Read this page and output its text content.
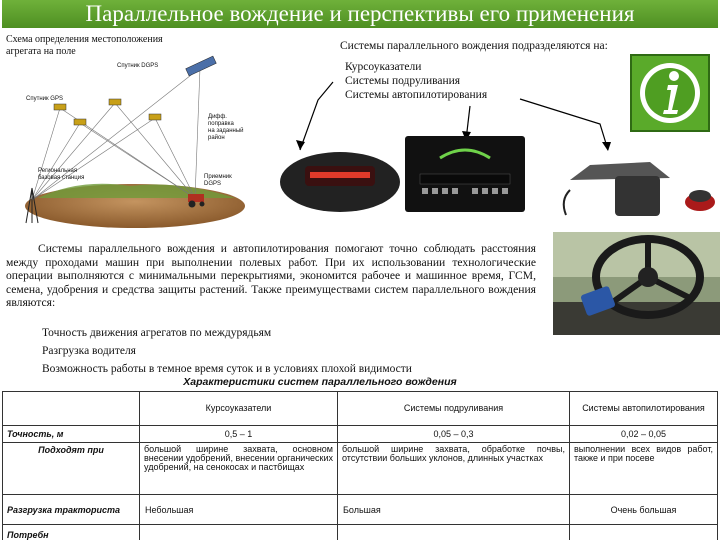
Параллельное вождение и перспективы его применения
Схема определения местоположения
агрегата на поле
Спутник DGPS
Спутник GPS
Дифф.
поправка
на заданный
район
Региональная
базовая станция	Приемник
DGPS
Системы параллельного вождения подразделяются на:
Курсоуказатели
Системы подруливания
Системы автопилотирования
Системы параллельного вождения и автопилотирования помогают точно соблюдать расстояния между проходами машин при выполнении полевых работ. При их использовании технологические операции выполняются с минимальными перекрытиями, экономится рабочее и машинное время, ГСМ, семена, удобрения и средства защиты растений. Также преимуществами систем параллельного вождения являются:
Точность движения агрегатов по междурядьям
Разгрузка водителя
Возможность работы в темное время суток и в условиях плохой видимости
Характеристики систем параллельного вождения
	Курсоуказатели	Системы подруливания	Системы автопилотирования
Точность, м	0,5 – 1	0,05 – 0,3	0,02 – 0,05
Подходят при	большой ширине захвата, основном внесении удобрений, внесении органических удобрений, на сенокосах и пастбищах	большой ширине захвата, обработке почвы, отсутствии больших уклонов, длинных участках	выполнении всех видов работ, также и при посеве
Разгрузка тракториста	Небольшая	Большая	Очень большая
Потребн			
